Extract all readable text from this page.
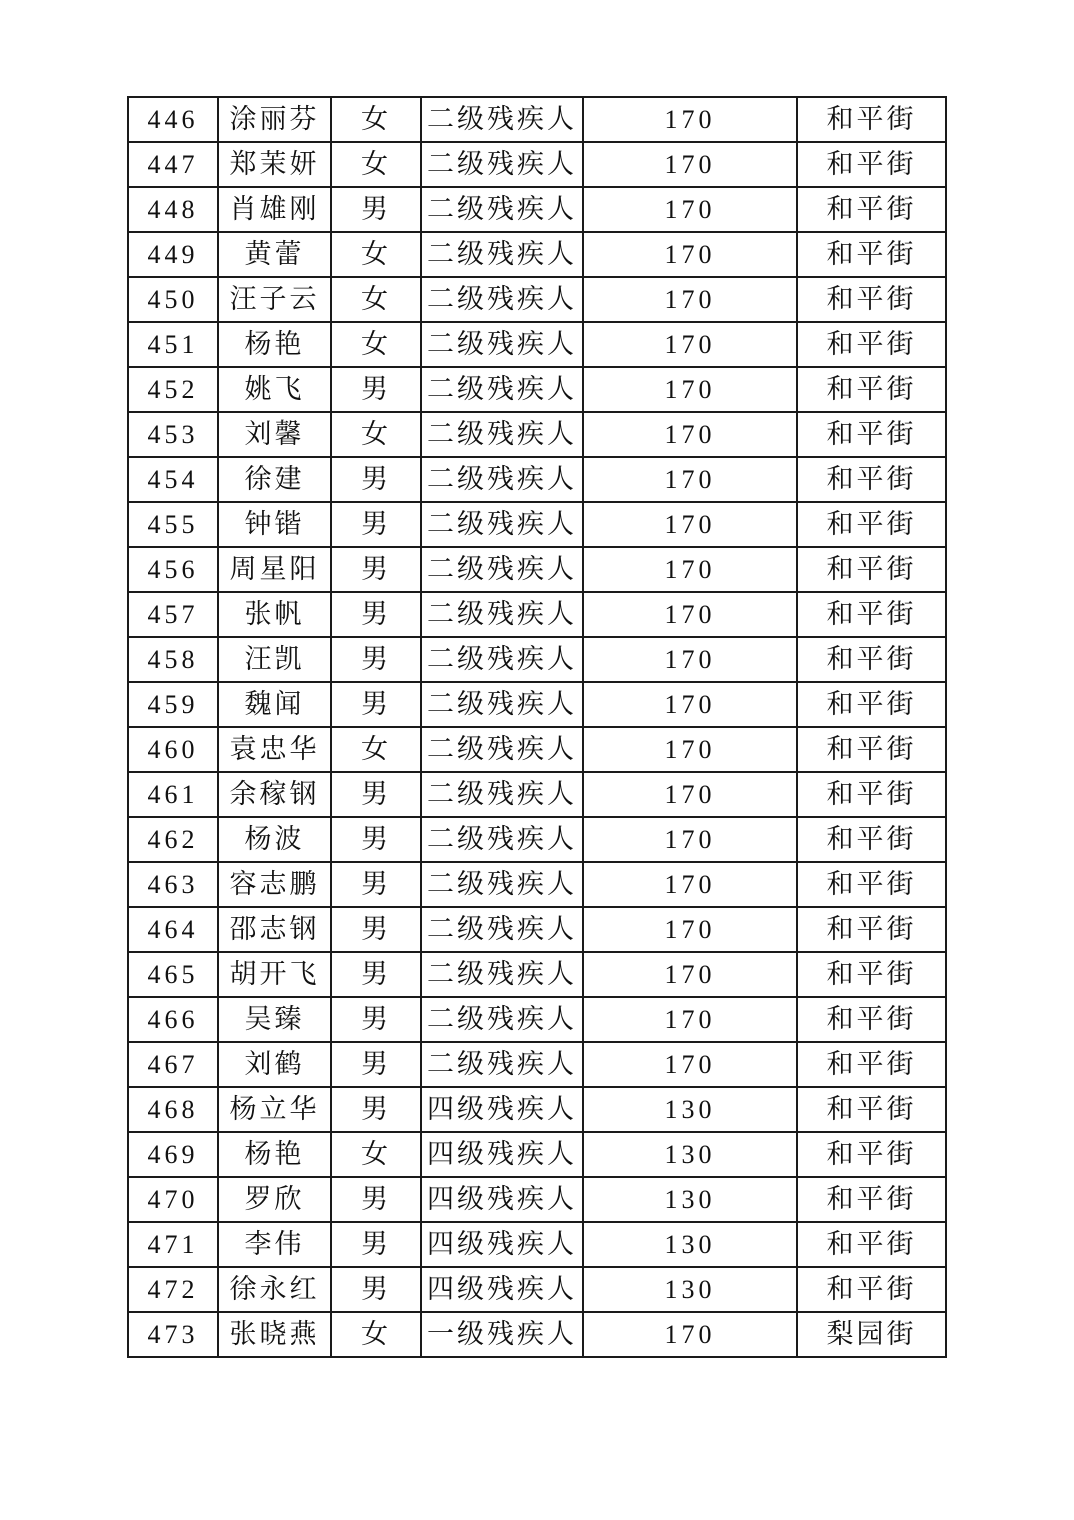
446	涂丽芬	女	二级残疾人	170	和平街
447	郑茉妍	女	二级残疾人	170	和平街
448	肖雄刚	男	二级残疾人	170	和平街
449	黄蕾	女	二级残疾人	170	和平街
450	汪子云	女	二级残疾人	170	和平街
451	杨艳	女	二级残疾人	170	和平街
452	姚飞	男	二级残疾人	170	和平街
453	刘馨	女	二级残疾人	170	和平街
454	徐建	男	二级残疾人	170	和平街
455	钟锴	男	二级残疾人	170	和平街
456	周星阳	男	二级残疾人	170	和平街
457	张帆	男	二级残疾人	170	和平街
458	汪凯	男	二级残疾人	170	和平街
459	魏闻	男	二级残疾人	170	和平街
460	袁忠华	女	二级残疾人	170	和平街
461	余稼钢	男	二级残疾人	170	和平街
462	杨波	男	二级残疾人	170	和平街
463	容志鹏	男	二级残疾人	170	和平街
464	邵志钢	男	二级残疾人	170	和平街
465	胡开飞	男	二级残疾人	170	和平街
466	吴臻	男	二级残疾人	170	和平街
467	刘鹤	男	二级残疾人	170	和平街
468	杨立华	男	四级残疾人	130	和平街
469	杨艳	女	四级残疾人	130	和平街
470	罗欣	男	四级残疾人	130	和平街
471	李伟	男	四级残疾人	130	和平街
472	徐永红	男	四级残疾人	130	和平街
473	张晓燕	女	一级残疾人	170	梨园街
